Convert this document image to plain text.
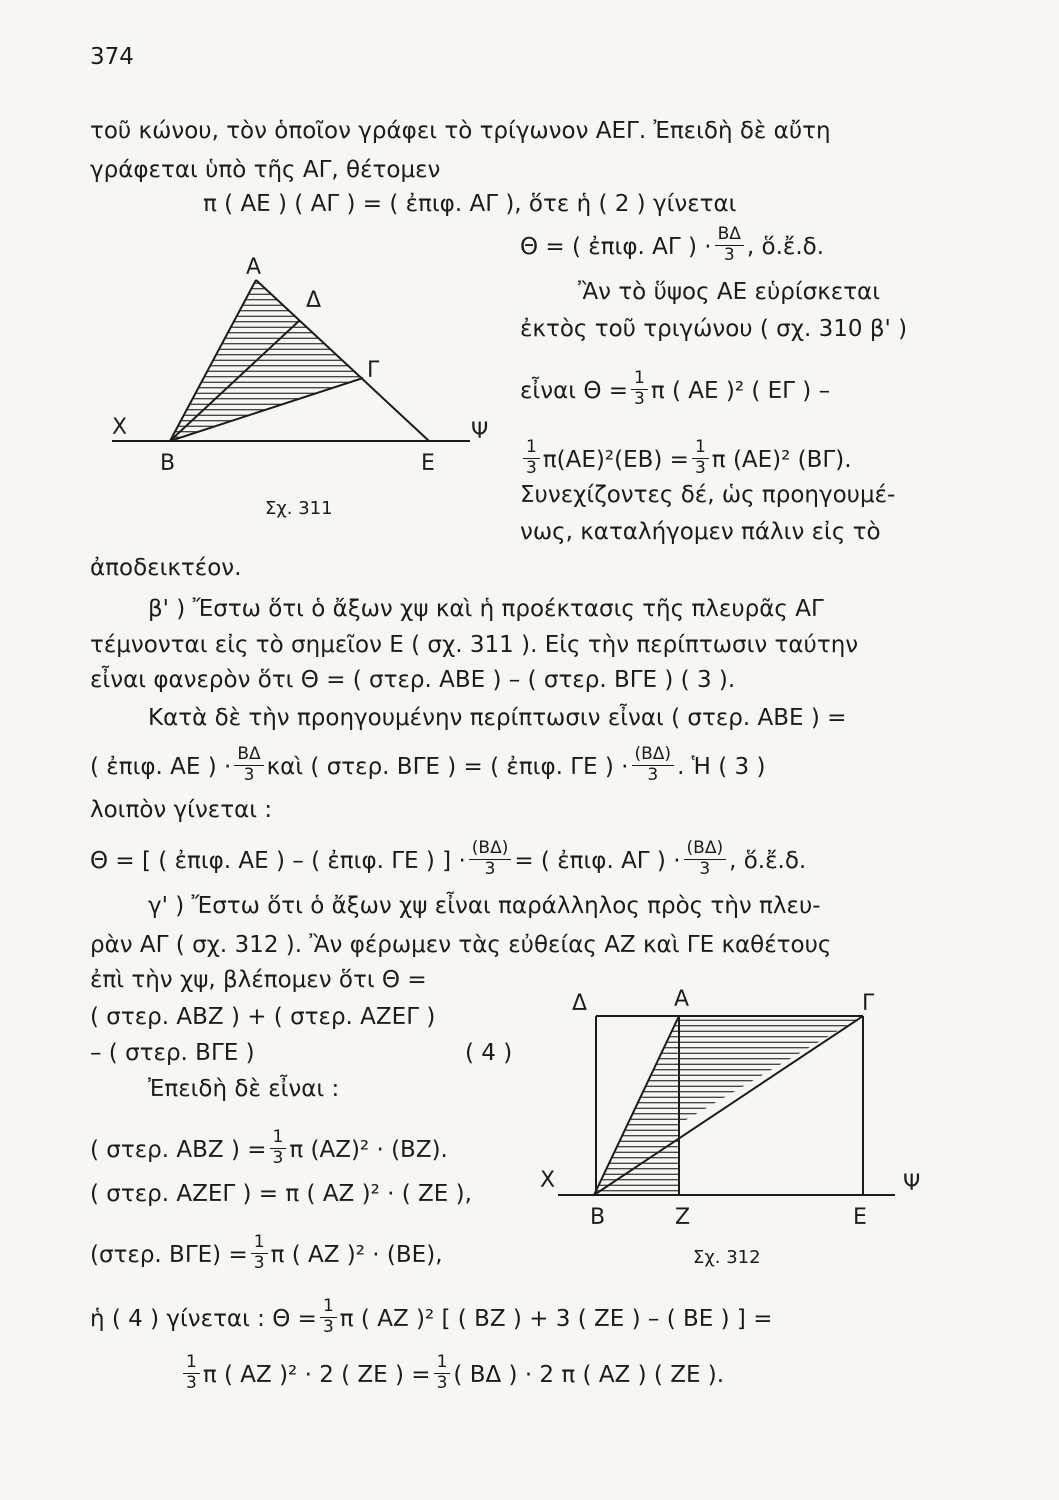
374
τοῦ κώνου, τὸν ὁποῖον γράφει τὸ τρίγωνον ΑΕΓ. Ἐπειδὴ δὲ αὔτη
γράφεται ὑπὸ τῆς ΑΓ, θέτομεν
π ( ΑΕ ) ( ΑΓ ) = ( ἐπιφ. ΑΓ ), ὅτε ἡ ( 2 ) γίνεται
Θ = ( ἐπιφ. ΑΓ ) · $\frac{B\Delta}{3}$ , ὅ.ἔ.δ.
Ἂν τὸ ὕψος ΑΕ εὑρίσκεται
ἐκτὸς τοῦ τριγώνου ( σχ. 310 β' )
εἶναι $\Theta = \frac{1}{3}$ π ( ΑΕ )² ( ΕΓ ) –
$\frac{1}{3} \pi(AE)^2(EB) = \frac{1}{3}$ π (ΑΕ)² (ΒΓ).
Συνεχίζοντες δέ, ὡς προηγουμέ-
νως, καταλήγομεν πάλιν εἰς τὸ
ἀποδεικτέον.
β' ) Ἔστω ὅτι ὁ ἄξων χψ καὶ ἡ προέκτασις τῆς πλευρᾶς ΑΓ
τέμνονται εἰς τὸ σημεῖον Ε ( σχ. 311 ). Εἰς τὴν περίπτωσιν ταύτην
εἶναι φανερὸν ὅτι Θ = ( στερ. ΑΒΕ ) – ( στερ. ΒΓΕ ) ( 3 ).
Κατὰ δὲ τὴν προηγουμένην περίπτωσιν εἶναι ( στερ. ΑΒΕ ) =
( ἐπιφ. ΑΕ ) · $\frac{B\Delta}{3}$ καὶ ( στερ. ΒΓΕ ) = ( ἐπιφ. ΓΕ ) · $\frac{(B\Delta)}{3}$ . Ἡ ( 3 )
λοιπὸν γίνεται :
Θ = [ ( ἐπιφ. ΑΕ ) – ( ἐπιφ. ΓΕ ) ] · $\frac{(B\Delta)}{3}$ = ( ἐπιφ. ΑΓ ) · $\frac{(B\Delta)}{3}$ , ὅ.ἔ.δ.
γ' ) Ἔστω ὅτι ὁ ἄξων χψ εἶναι παράλληλος πρὸς τὴν πλευ-
ρὰν ΑΓ ( σχ. 312 ). Ἂν φέρωμεν τὰς εὐθείας ΑΖ καὶ ΓΕ καθέτους
ἐπὶ τὴν χψ, βλέπομεν ὅτι Θ =
( στερ. ΑΒΖ ) + ( στερ. ΑΖΕΓ )
– ( στερ. ΒΓΕ )	( 4 )
Ἐπειδὴ δὲ εἶναι :
( στερ. ΑΒΖ ) = $\frac{1}{3}$ π (ΑΖ)² · (ΒΖ).
( στερ. ΑΖΕΓ ) = π ( ΑΖ )² · ( ΖΕ ),
(στερ. $B\Gamma E) = \frac{1}{3}$ π ( ΑΖ )² · (ΒΕ),
ἡ ( 4 ) γίνεται : $\Theta = \frac{1}{3}$ π ( ΑΖ )² [ ( ΒΖ ) + 3 ( ΖΕ ) – ( ΒΕ ) ] =
$\frac{1}{3}$ π ( ΑΖ )² · 2 ( ΖΕ ) = $\frac{1}{3}$ ( ΒΔ ) · 2 π ( ΑΖ ) ( ΖΕ ).
Α
Δ
Γ
Χ	Ψ
Β	Ε
Σχ. 311
Δ	Α	Γ
Χ	Ψ
Β	Ζ	Ε
Σχ. 312
